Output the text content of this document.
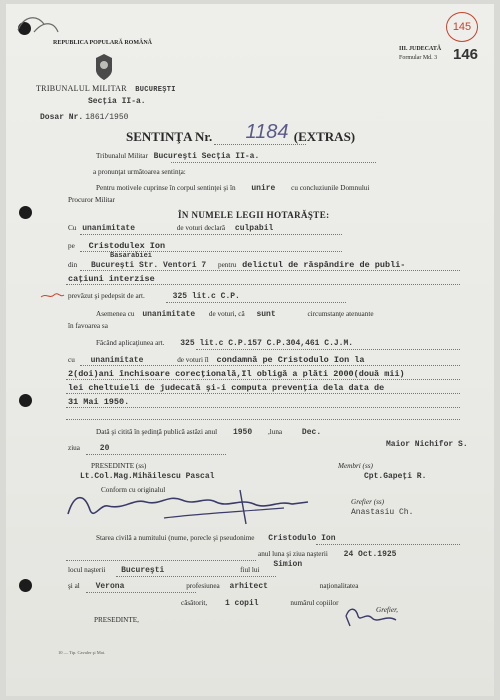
REPUBLICA POPULARĂ ROMÂNĂ
TRIBUNALUL MILITAR BUCUREŞTI
Secţia II-a.
Dosar Nr. 1861/1950
III. JUDECATĂ
Formular Md. 3
145
146
SENTINŢA Nr. 1184 (EXTRAS)
Tribunalul Militar Bucureşti Secţia II-a.
a pronunţat următoarea sentinţa:
Pentru motivele cuprinse în corpul sentinţei şi în unire cu concluziunile Domnului
Procuror Militar
ÎN NUMELE LEGII HOTARĂŞTE:
Cu unanimitate	de voturi declară culpabil
pe Cristodulex Ion
Basarabiei
din Bucureşti Str. Ventori 7 pentru delictul de răspândire de publi-
caţiuni interzise
prevăzut şi pedepsit de art.	325 lit.c C.P.
Asemenea cu unanimitate de voturi, că sunt	circumstanţe atenuante
în favoarea sa
Făcând aplicaţiunea art. 325 lit.c C.P.157 C.P.304,461 C.J.M.
cu unanimitate	de voturi îl condamnă pe Cristodulo Ion la
2(doi)ani închisoare corecţională,Il obligă a plăti 2000(două mii)
lei cheltuieli de judecată şi-i computa prevenţia dela data de
31 Mai 1950.
Dată şi citită în şedinţă publică astăzi anul 1950 ,luna Dec.
ziua 20	Maior Nichifor S.
PRESEDINTE (ss)
Lt.Col.Mag.Mihăilescu Pascal
Membri (ss)
Cpt.Gapeţi R.
Conform cu originalul
Grefier (ss)
Anastasiu Ch.
Starea civilă a numitului (nume, porecle şi pseudonime Cristodulo Ion
anul luna şi ziua naşterii 24 Oct.1925
locul naşterii Bucureşti	fiul lui Simion
şi al Verona	profesiunea arhitect	naţionalitatea
căsătorit, 1 copil	numărul copiilor
PRESEDINTE,
Grefier,
10 — Tip. Cavaler şi Mai.
